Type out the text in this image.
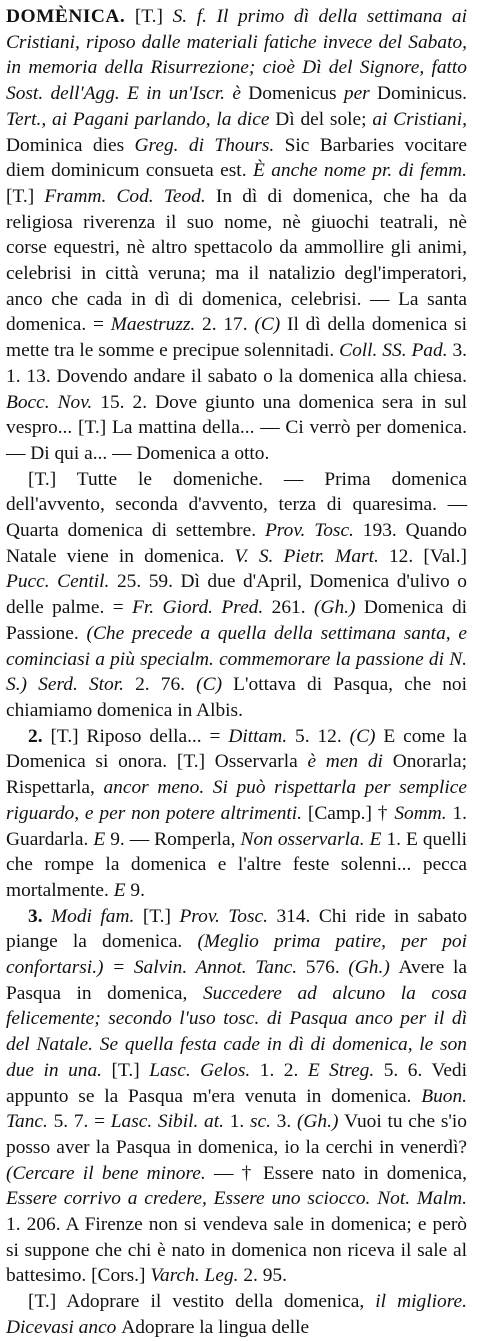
DOMÈNICA. [T.] S. f. Il primo dì della settimana ai Cristiani, riposo dalle materiali fatiche invece del Sabato, in memoria della Risurrezione; cioè Dì del Signore, fatto Sost. dell'Agg. E in un'Iscr. è Domenicus per Dominicus. Tert., ai Pagani parlando, la dice Dì del sole; ai Cristiani, Dominica dies Greg. di Thours. Sic Barbaries vocitare diem dominicum consueta est. È anche nome pr. di femm. [T.] Framm. Cod. Teod. In dì di domenica, che ha da religiosa riverenza il suo nome, nè giuochi teatrali, nè corse equestri, nè altro spettacolo da ammollire gli animi, celebrisi in città veruna; ma il natalizio degl'imperatori, anco che cada in dì di domenica, celebrisi. — La santa domenica. = Maestruzz. 2. 17. (C) Il dì della domenica si mette tra le somme e precipue solennitadi. Coll. SS. Pad. 3. 1. 13. Dovendo andare il sabato o la domenica alla chiesa. Bocc. Nov. 15. 2. Dove giunto una domenica sera in sul vespro... [T.] La mattina della... — Ci verrò per domenica. — Di qui a... — Domenica a otto.

[T.] Tutte le domeniche. — Prima domenica dell'avvento, seconda d'avvento, terza di quaresima. — Quarta domenica di settembre. Prov. Tosc. 193. Quando Natale viene in domenica. V. S. Pietr. Mart. 12. [Val.] Pucc. Centil. 25. 59. Dì due d'April, Domenica d'ulivo o delle palme. = Fr. Giord. Pred. 261. (Gh.) Domenica di Passione. (Che precede a quella della settimana santa, e cominciasi a più specialm. commemorare la passione di N. S.) Serd. Stor. 2. 76. (C) L'ottava di Pasqua, che noi chiamiamo domenica in Albis.

2. [T.] Riposo della... = Dittam. 5. 12. (C) E come la Domenica si onora. [T.] Osservarla è men di Onorarla; Rispettarla, ancor meno. Si può rispettarla per semplice riguardo, e per non potere altrimenti. [Camp.] † Somm. 1. Guardarla. E 9. — Romperla, Non osservarla. E 1. E quelli che rompe la domenica e l'altre feste solenni... pecca mortalmente. E 9.

3. Modi fam. [T.] Prov. Tosc. 314. Chi ride in sabato piange la domenica. (Meglio prima patire, per poi confortarsi.) = Salvin. Annot. Tanc. 576. (Gh.) Avere la Pasqua in domenica, Succedere ad alcuno la cosa felicemente; secondo l'uso tosc. di Pasqua anco per il dì del Natale. Se quella festa cade in dì di domenica, le son due in una. [T.] Lasc. Gelos. 1. 2. E Streg. 5. 6. Vedi appunto se la Pasqua m'era venuta in domenica. Buon. Tanc. 5. 7. = Lasc. Sibil. at. 1. sc. 3. (Gh.) Vuoi tu che s'io posso aver la Pasqua in domenica, io la cerchi in venerdì? (Cercare il bene minore. — † Essere nato in domenica, Essere corrivo a credere, Essere uno sciocco. Not. Malm. 1. 206. A Firenze non si vendeva sale in domenica; e però si suppone che chi è nato in domenica non riceva il sale al battesimo. [Cors.] Varch. Leg. 2. 95.

[T.] Adoprare il vestito della domenica, il migliore. Dicevasi anco Adoprare la lingua delle
